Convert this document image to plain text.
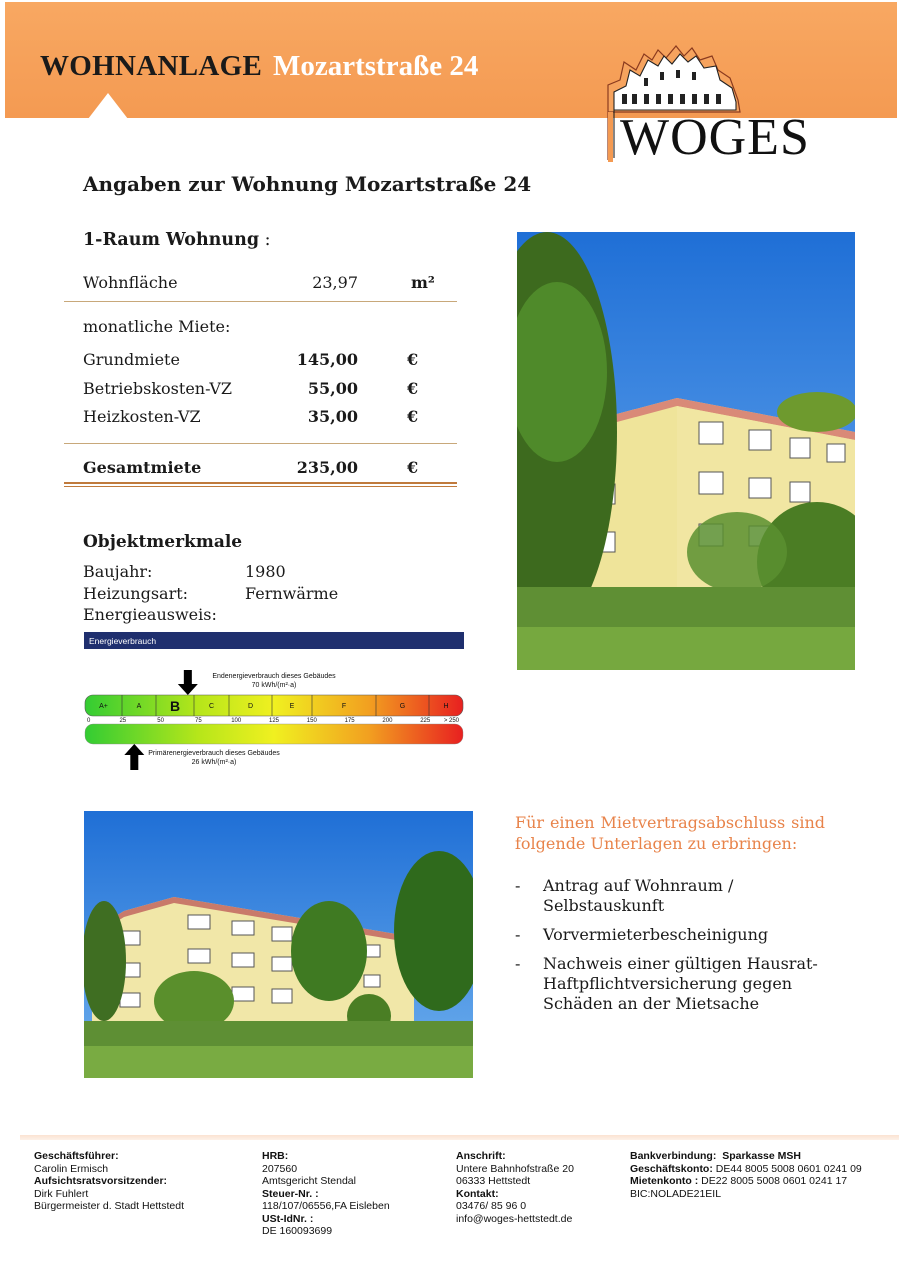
WOHNANLAGE Mozartstraße 24
WOGES
Angaben zur Wohnung Mozartstraße 24
1-Raum Wohnung :
Wohnfläche	23,97	m²
monatliche Miete:
Grundmiete	145,00	€
Betriebskosten-VZ	55,00	€
Heizkosten-VZ	35,00	€
Gesamtmiete	235,00	€
Objektmerkmale
Baujahr:	1980
Heizungsart:	Fernwärme
Energieausweis:
Energieverbrauch
Endenergieverbrauch dieses Gebäudes
70 kWh/(m²·a)
A+	A B	C	D	E	F	G	H
0	25	50	75	100	125	150	175	200	225 > 250
Primärenergieverbrauch dieses Gebäudes
26 kWh/(m²·a)
Für einen Mietvertragsabschluss sind folgende Unterlagen zu erbringen:
- Antrag auf Wohnraum / Selbstauskunft
- Vorvermieterbescheinigung
- Nachweis einer gültigen Hausrat-Haftpflichtversicherung gegen Schäden an der Mietsache
Geschäftsführer:
Carolin Ermisch
Aufsichtsratsvorsitzender:
Dirk Fuhlert
Bürgermeister d. Stadt Hettstedt
HRB:
207560
Amtsgericht Stendal
Steuer-Nr. :
118/107/06556,FA Eisleben
USt-IdNr. :
DE 160093699
Anschrift:
Untere Bahnhofstraße 20
06333 Hettstedt
Kontakt:
03476/ 85 96 0
info@woges-hettstedt.de
Bankverbindung: Sparkasse MSH
Geschäftskonto: DE44 8005 5008 0601 0241 09
Mietenkonto : DE22 8005 5008 0601 0241 17
BIC:NOLADE21EIL
